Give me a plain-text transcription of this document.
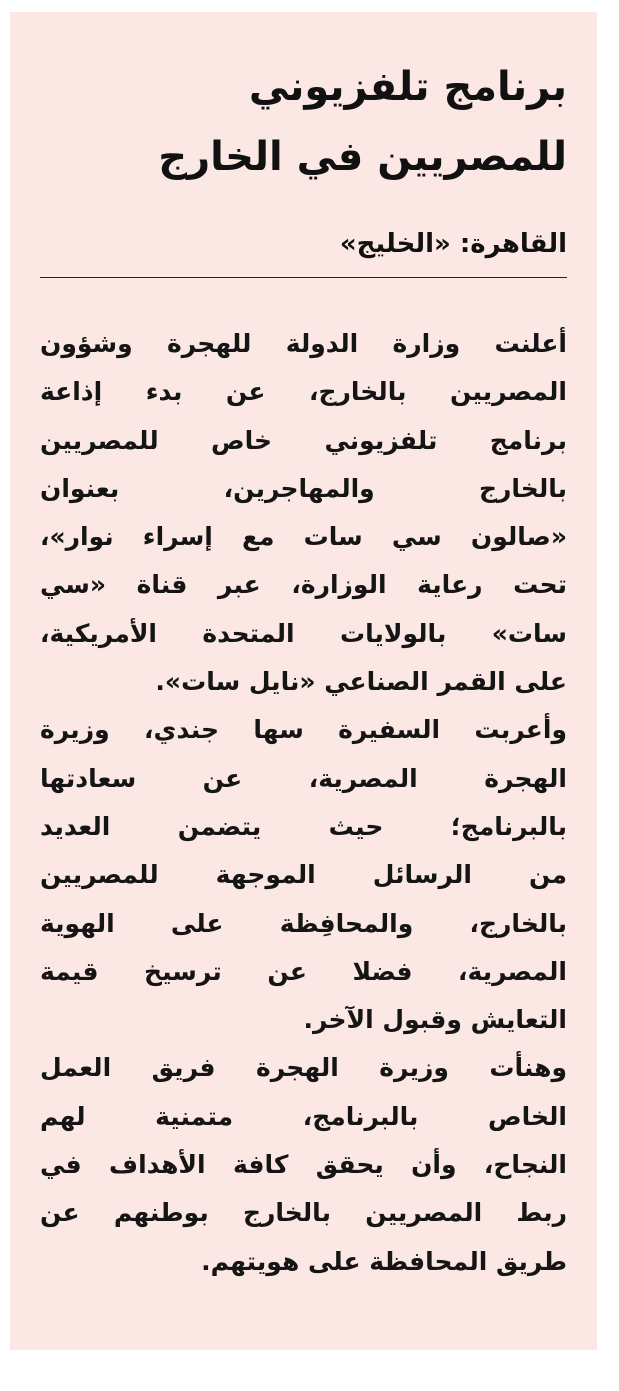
برنامج تلفزيوني
للمصريين في الخارج
القاهرة: «الخليج»
أعلنت وزارة الدولة للهجرة وشؤون
المصريين بالخارج، عن بدء إذاعة
برنامج تلفزيوني خاص للمصريين
بالخارج والمهاجرين، بعنوان
«صالون سي سات مع إسراء نوار»،
تحت رعاية الوزارة، عبر قناة «سي
سات» بالولايات المتحدة الأمريكية،
على القمر الصناعي «نايل سات».
وأعربت السفيرة سها جندي، وزيرة
الهجرة المصرية، عن سعادتها
بالبرنامج؛ حيث يتضمن العديد
من الرسائل الموجهة للمصريين
بالخارج، والمحافِظة على الهوية
المصرية، فضلا عن ترسيخ قيمة
التعايش وقبول الآخر.
وهنأت وزيرة الهجرة فريق العمل
الخاص بالبرنامج، متمنية لهم
النجاح، وأن يحقق كافة الأهداف في
ربط المصريين بالخارج بوطنهم عن
طريق المحافظة على هويتهم.
